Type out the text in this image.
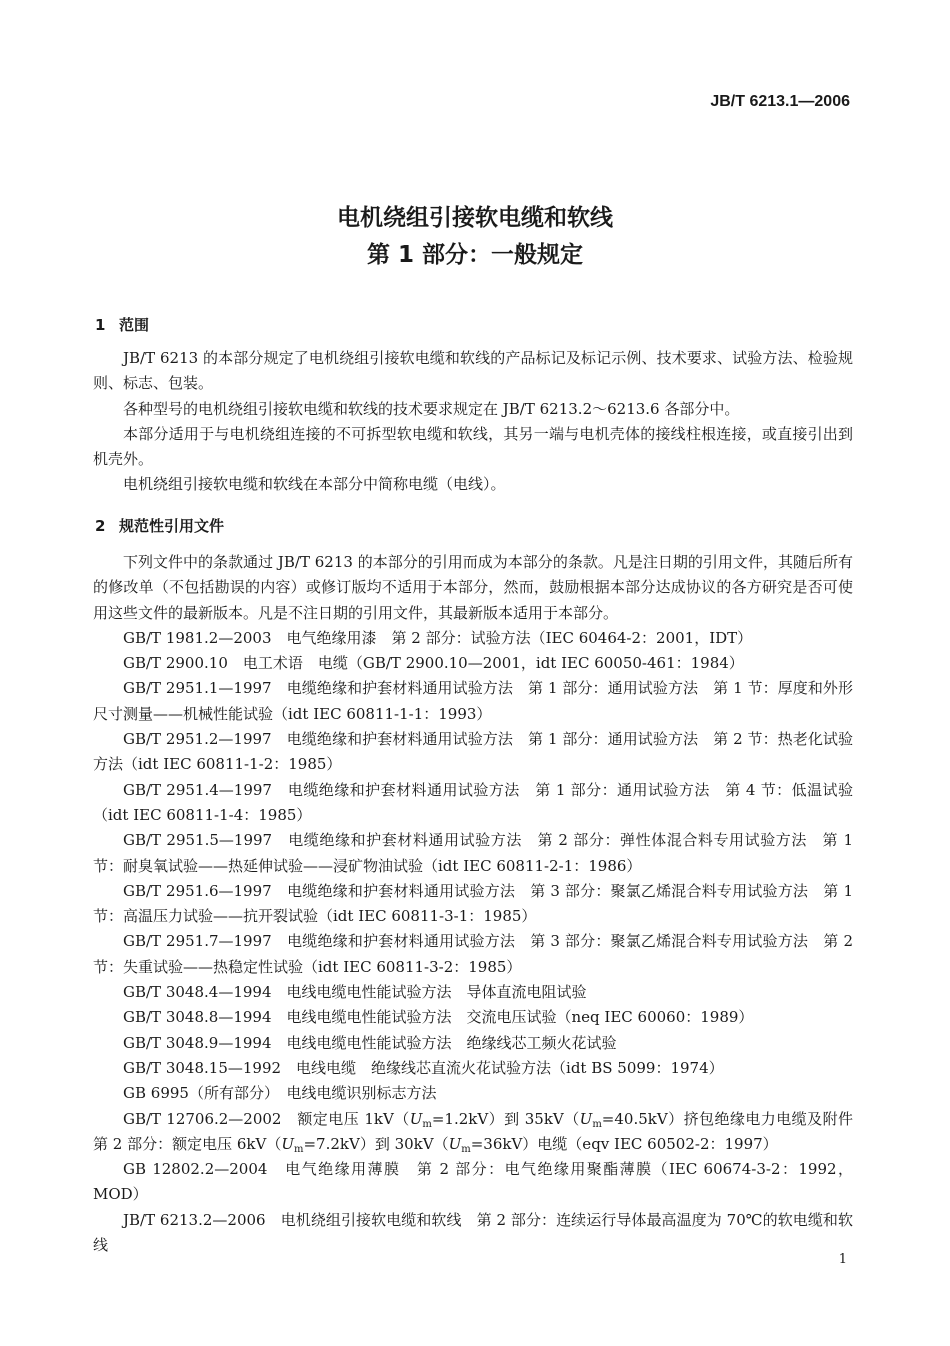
JB/T 6213.1—2006
电机绕组引接软电缆和软线
第 1 部分：一般规定
1 范围

JB/T 6213 的本部分规定了电机绕组引接软电缆和软线的产品标记及标记示例、技术要求、试验方法、检验规则、标志、包装。

各种型号的电机绕组引接软电缆和软线的技术要求规定在 JB/T 6213.2～6213.6 各部分中。

本部分适用于与电机绕组连接的不可拆型软电缆和软线，其另一端与电机壳体的接线柱根连接，或直接引出到机壳外。

电机绕组引接软电缆和软线在本部分中简称电缆（电线）。

2 规范性引用文件

下列文件中的条款通过 JB/T 6213 的本部分的引用而成为本部分的条款。凡是注日期的引用文件，其随后所有的修改单（不包括勘误的内容）或修订版均不适用于本部分，然而，鼓励根据本部分达成协议的各方研究是否可使用这些文件的最新版本。凡是不注日期的引用文件，其最新版本适用于本部分。

GB/T 1981.2—2003　电气绝缘用漆　第 2 部分：试验方法（IEC 60464-2：2001，IDT）

GB/T 2900.10　电工术语　电缆（GB/T 2900.10—2001，idt IEC 60050-461：1984）

GB/T 2951.1—1997　电缆绝缘和护套材料通用试验方法　第 1 部分：通用试验方法　第 1 节：厚度和外形尺寸测量——机械性能试验（idt IEC 60811-1-1：1993）

GB/T 2951.2—1997　电缆绝缘和护套材料通用试验方法　第 1 部分：通用试验方法　第 2 节：热老化试验方法（idt IEC 60811-1-2：1985）

GB/T 2951.4—1997　电缆绝缘和护套材料通用试验方法　第 1 部分：通用试验方法　第 4 节：低温试验（idt IEC 60811-1-4：1985）

GB/T 2951.5—1997　电缆绝缘和护套材料通用试验方法　第 2 部分：弹性体混合料专用试验方法　第 1 节：耐臭氧试验——热延伸试验——浸矿物油试验（idt IEC 60811-2-1：1986）

GB/T 2951.6—1997　电缆绝缘和护套材料通用试验方法　第 3 部分：聚氯乙烯混合料专用试验方法　第 1 节：高温压力试验——抗开裂试验（idt IEC 60811-3-1：1985）

GB/T 2951.7—1997　电缆绝缘和护套材料通用试验方法　第 3 部分：聚氯乙烯混合料专用试验方法　第 2 节：失重试验——热稳定性试验（idt IEC 60811-3-2：1985）

GB/T 3048.4—1994　电线电缆电性能试验方法　导体直流电阻试验

GB/T 3048.8—1994　电线电缆电性能试验方法　交流电压试验（neq IEC 60060：1989）

GB/T 3048.9—1994　电线电缆电性能试验方法　绝缘线芯工频火花试验

GB/T 3048.15—1992　电线电缆　绝缘线芯直流火花试验方法（idt BS 5099：1974）

GB 6995（所有部分）　电线电缆识别标志方法

GB/T 12706.2—2002　额定电压 $1kV(U_m=1.2kV)$到 $35kV(U_m=40.5kV)$挤包绝缘电力电缆及附件　第 2 部分：额定电压 $6kV(U_m=7.2kV)$到 $30kV(U_m=36kV)$电缆（eqv IEC 60502-2：1997）

GB 12802.2—2004　电气绝缘用薄膜　第 2 部分：电气绝缘用聚酯薄膜（IEC 60674-3-2：1992，MOD）

JB/T 6213.2—2006　电机绕组引接软电缆和软线　第 2 部分：连续运行导体最高温度为 70℃的软电缆和软线

1
